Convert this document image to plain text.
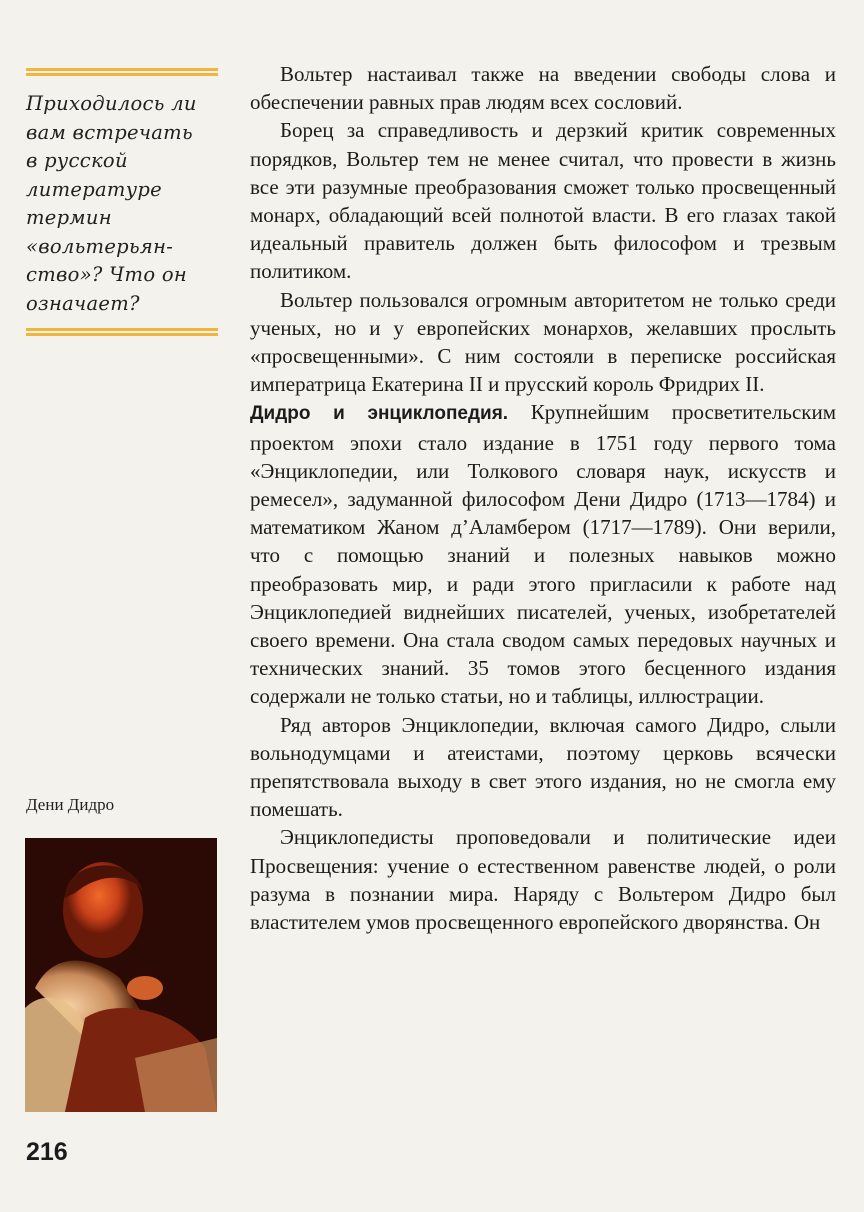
Приходилось ли
вам встречать
в русской
литературе
термин
«вольтерьян-
ство»? Что он
означает?
Дени Дидро

Вольтер настаивал также на введении свободы слова и обеспечении равных прав людям всех сословий.

Борец за справедливость и дерзкий критик современных порядков, Вольтер тем не менее считал, что провести в жизнь все эти разумные преобразования сможет только просвещенный монарх, обладающий всей полнотой власти. В его глазах такой идеальный правитель должен быть философом и трезвым политиком.

Вольтер пользовался огромным авторитетом не только среди ученых, но и у европейских монархов, желавших прослыть «просвещенными». С ним состояли в переписке российская императрица Екатерина II и прусский король Фридрих II.

Дидро и энциклопедия. Крупнейшим просветительским проектом эпохи стало издание в 1751 году первого тома «Энциклопедии, или Толкового словаря наук, искусств и ремесел», задуманной философом Дени Дидро (1713—1784) и математиком Жаном д’Аламбером (1717—1789). Они верили, что с помощью знаний и полезных навыков можно преобразовать мир, и ради этого пригласили к работе над Энциклопедией виднейших писателей, ученых, изобретателей своего времени. Она стала сводом самых передовых научных и технических знаний. 35 томов этого бесценного издания содержали не только статьи, но и таблицы, иллюстрации.

Ряд авторов Энциклопедии, включая самого Дидро, слыли вольнодумцами и атеистами, поэтому церковь всячески препятствовала выходу в свет этого издания, но не смогла ему помешать.

Энциклопедисты проповедовали и политические идеи Просвещения: учение о естественном равенстве людей, о роли разума в познании мира. Наряду с Вольтером Дидро был властителем умов просвещенного европейского дворянства. Он

216
